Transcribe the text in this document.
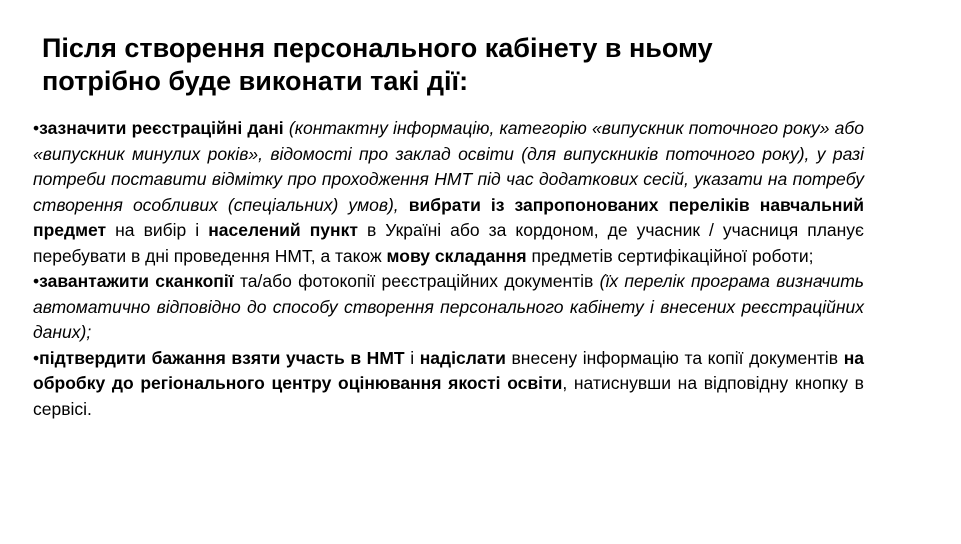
Після створення персонального кабінету в ньому
потрібно буде виконати такі дії:

•зазначити реєстраційні дані (контактну інформацію, категорію «випускник поточного року» або «випускник минулих років», відомості про заклад освіти (для випускників поточного року), у разі потреби поставити відмітку про проходження НМТ під час додаткових сесій, указати на потребу створення особливих (спеціальних) умов), вибрати із запропонованих переліків навчальний предмет на вибір і населений пункт в Україні або за кордоном, де учасник / учасниця планує перебувати в дні проведення НМТ, а також мову складання предметів сертифікаційної роботи;

•завантажити сканкопії та/або фотокопії реєстраційних документів (їх перелік програма визначить автоматично відповідно до способу створення персонального кабінету і внесених реєстраційних даних);

•підтвердити бажання взяти участь в НМТ і надіслати внесену інформацію та копії документів на обробку до регіонального центру оцінювання якості освіти, натиснувши на відповідну кнопку в сервісі.
